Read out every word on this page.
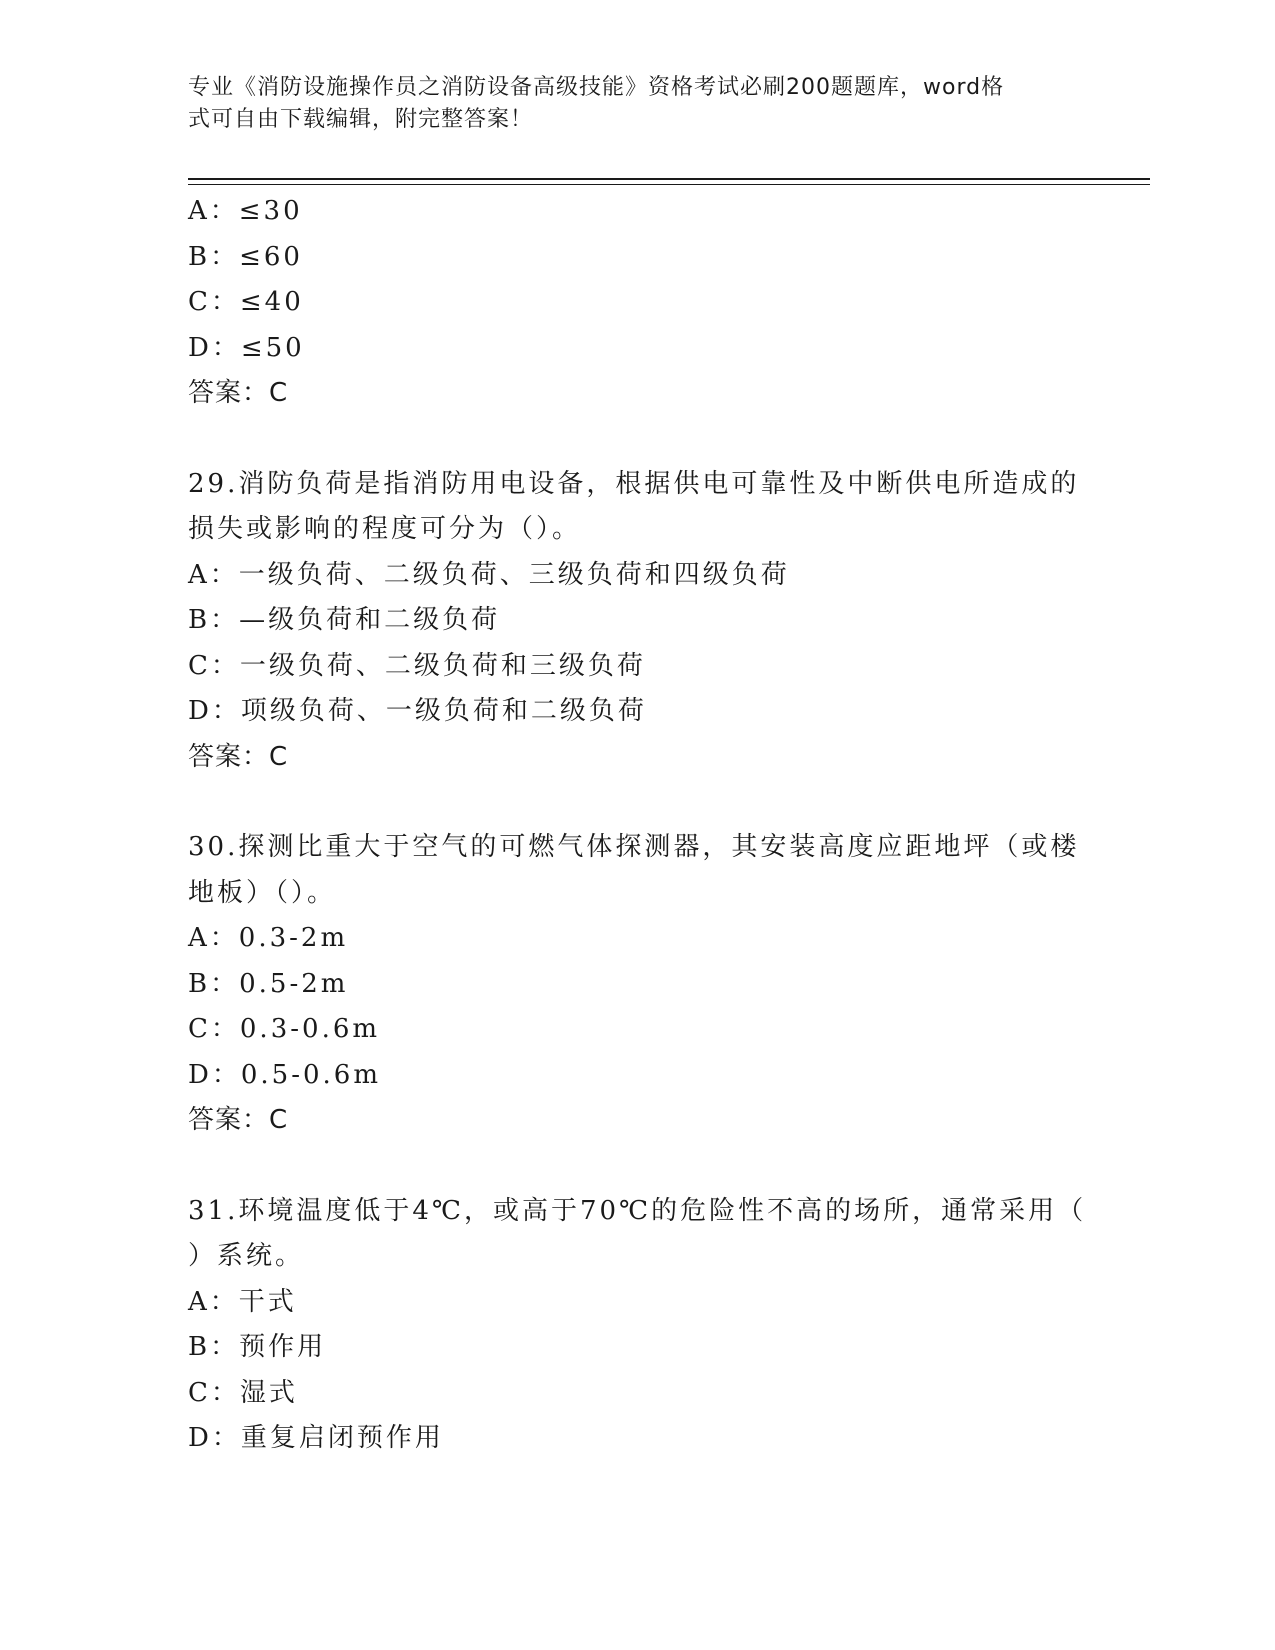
专业《消防设施操作员之消防设备高级技能》资格考试必刷200题题库，word格
式可自由下载编辑，附完整答案！

A：≤30

B：≤60

C：≤40

D：≤50

答案：C

29.消防负荷是指消防用电设备，根据供电可靠性及中断供电所造成的

损失或影响的程度可分为（）。

A：一级负荷、二级负荷、三级负荷和四级负荷

B：—级负荷和二级负荷

C：一级负荷、二级负荷和三级负荷

D：项级负荷、一级负荷和二级负荷

答案：C

30.探测比重大于空气的可燃气体探测器，其安装高度应距地坪（或楼

地板）（）。

A：0.3-2m

B：0.5-2m

C：0.3-0.6m

D：0.5-0.6m

答案：C

31.环境温度低于4℃，或高于70℃的危险性不高的场所，通常采用（

）系统。

A：干式

B：预作用

C：湿式

D：重复启闭预作用
